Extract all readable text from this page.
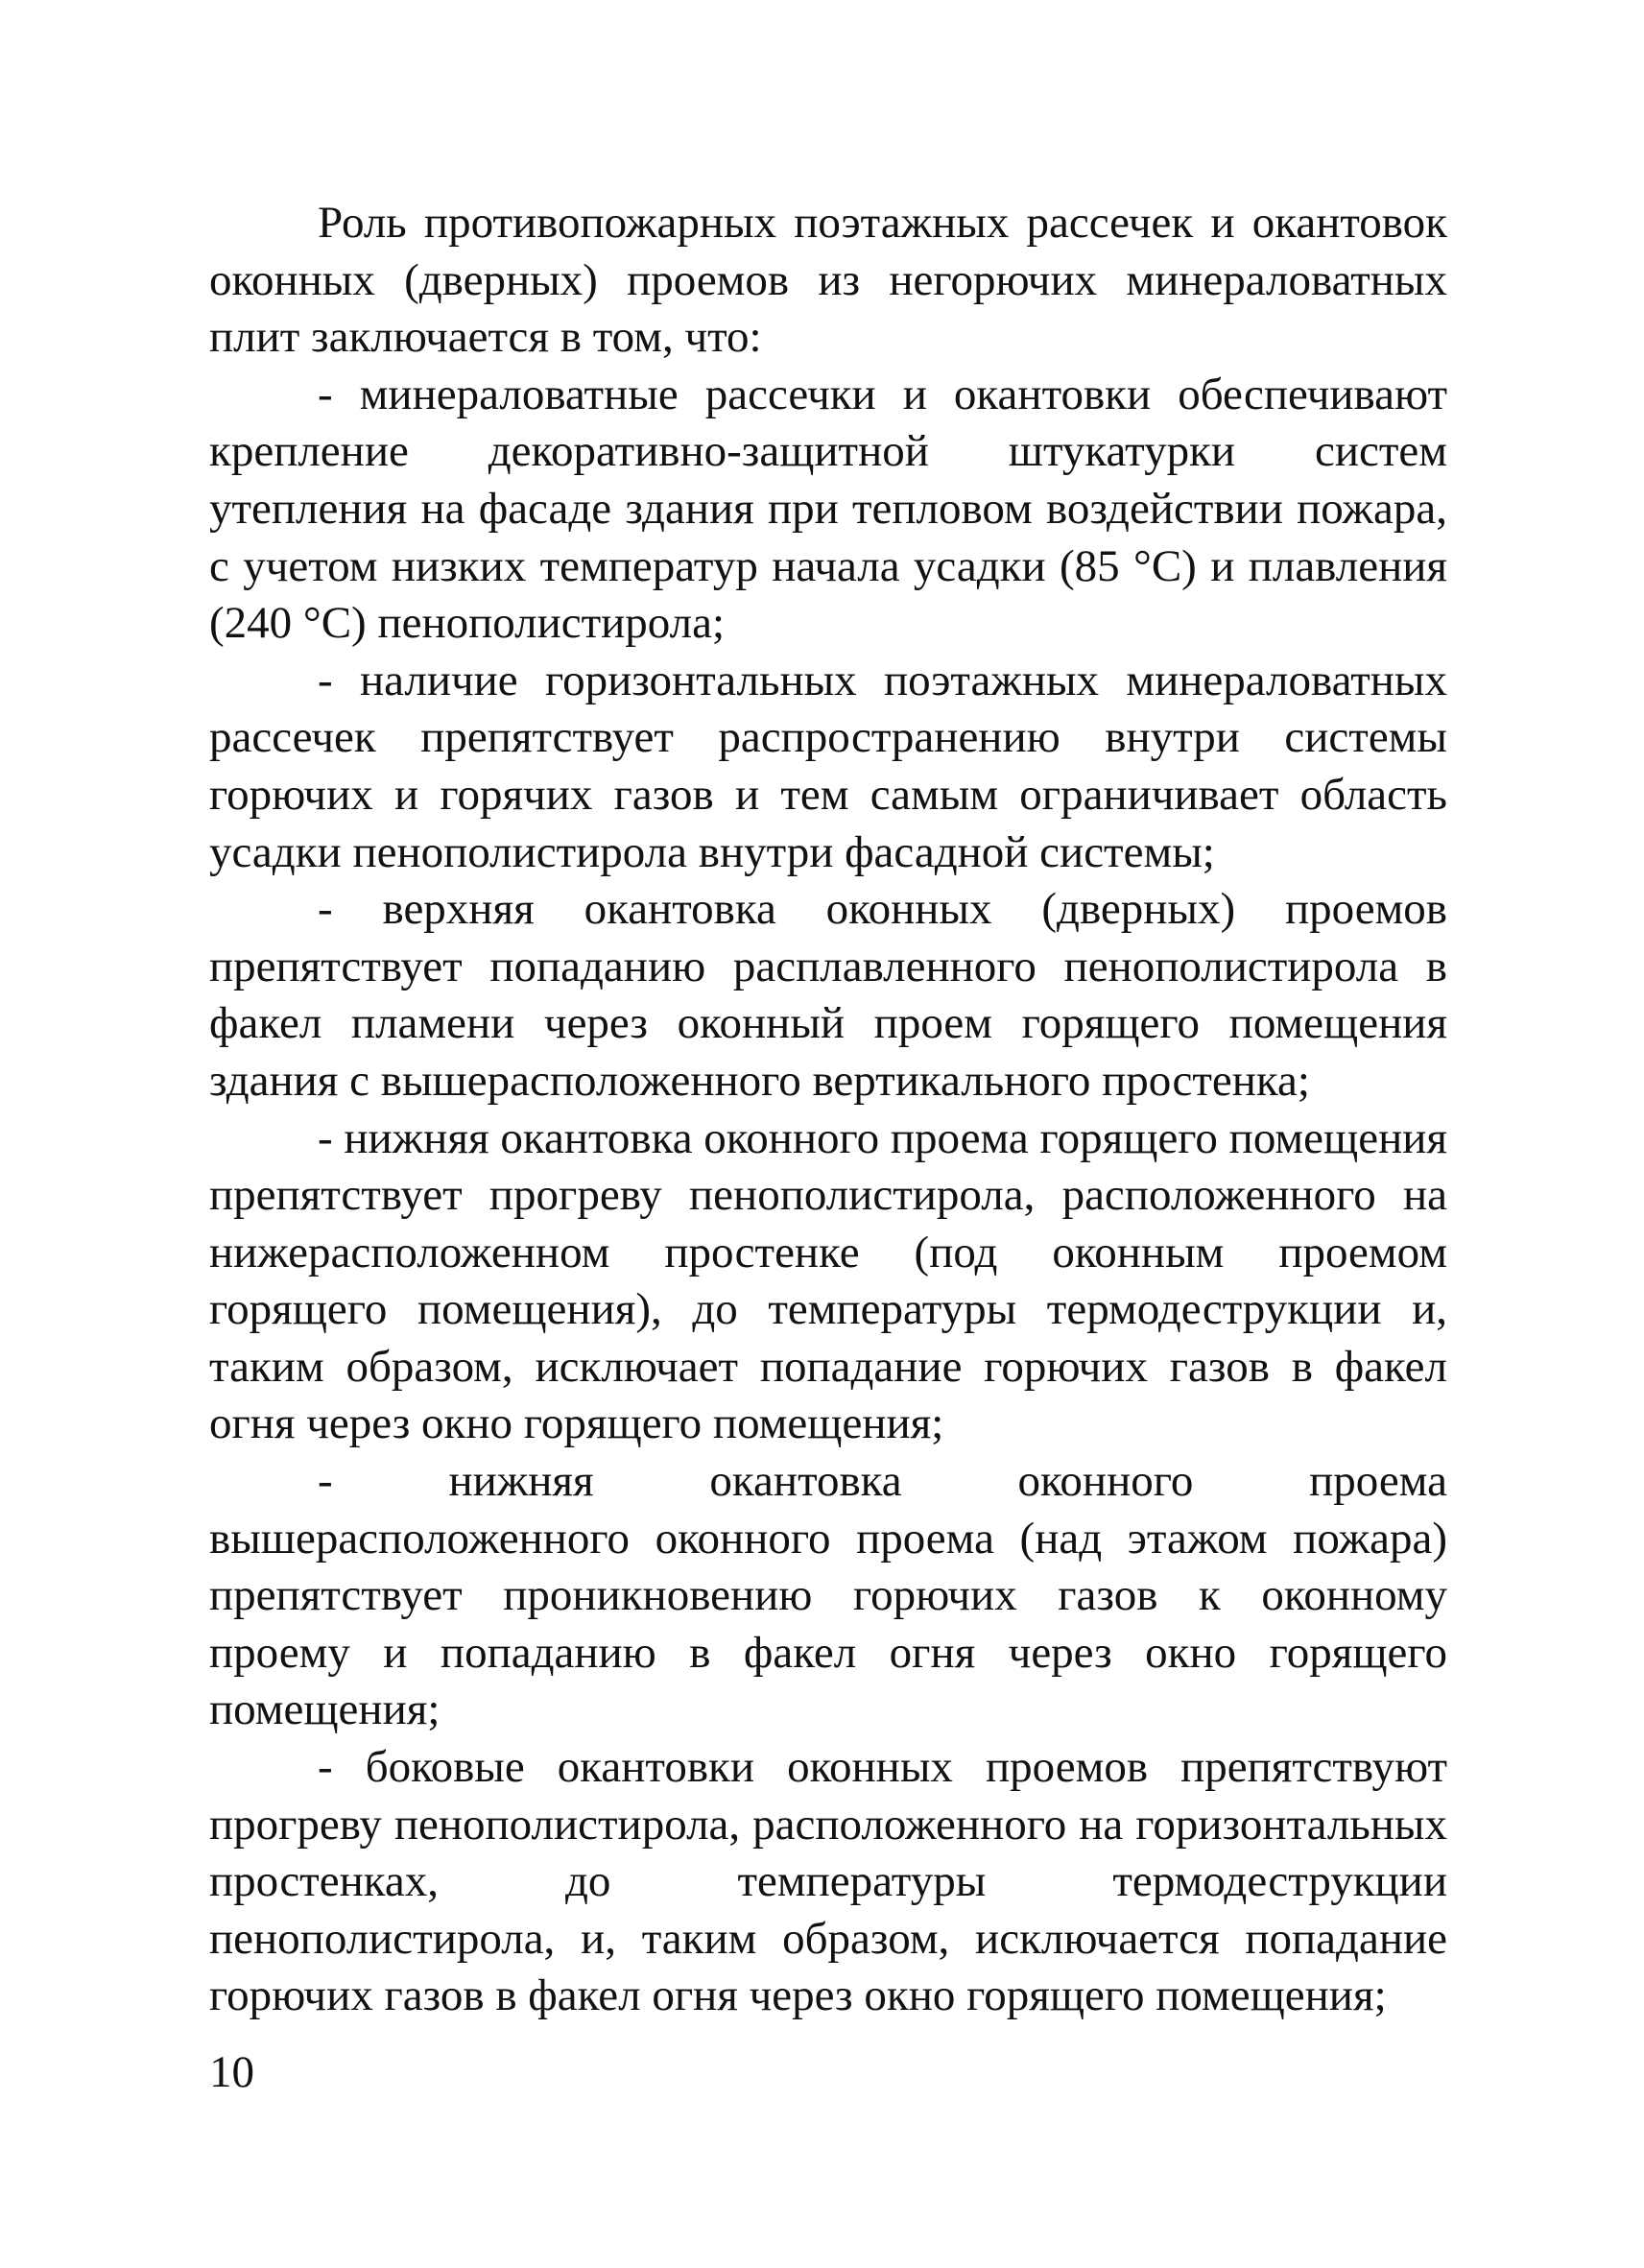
Роль противопожарных поэтажных рассечек и окантовок оконных (дверных) проемов из негорючих минераловатных плит заключается в том, что:

- минераловатные рассечки и окантовки обеспечивают крепление декоративно-защитной штукатурки систем утепления на фасаде здания при тепловом воздействии пожара, с учетом низких температур начала усадки (85 °С) и плавления (240 °С) пенополистирола;

- наличие горизонтальных поэтажных минераловатных рассечек препятствует распространению внутри системы горючих и горячих газов и тем самым ограничивает область усадки пенополистирола внутри фасадной системы;

- верхняя окантовка оконных (дверных) проемов препятствует попаданию расплавленного пенополистирола в факел пламени через оконный проем горящего помещения здания с вышерасположенного вертикального простенка;

- нижняя окантовка оконного проема горящего помещения препятствует прогреву пенополистирола, расположенного на нижерасположенном простенке (под оконным проемом горящего помещения), до температуры термодеструкции и, таким образом, исключает попадание горючих газов в факел огня через окно горящего помещения;

- нижняя окантовка оконного проема вышерасположенного оконного проема (над этажом пожара) препятствует проникновению горючих газов к оконному проему и попаданию в факел огня через окно горящего помещения;

- боковые окантовки оконных проемов препятствуют прогреву пенополистирола, расположенного на горизонтальных простенках, до температуры термодеструкции пенополистирола, и, таким образом, исключается попадание горючих газов в факел огня через окно горящего помещения;

10
